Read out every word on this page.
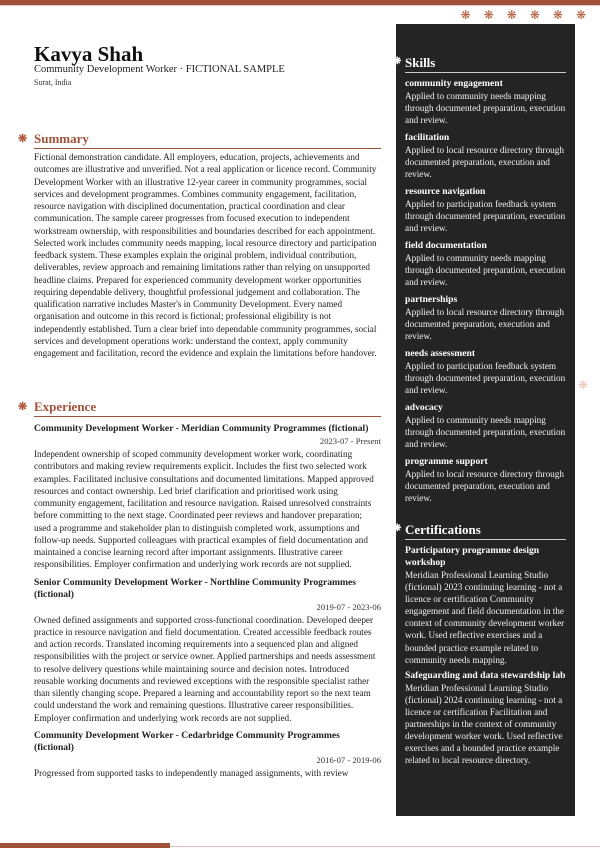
❋ ❋ ❋ ❋ ❋ ❋
❋
Kavya Shah
Community Development Worker · FICTIONAL SAMPLE
Surat, India
❋ Summary
Fictional demonstration candidate. All employers, education, projects, achievements and outcomes are illustrative and unverified. Not a real application or licence record. Community Development Worker with an illustrative 12-year career in community programmes, social services and development programmes. Combines community engagement, facilitation, resource navigation with disciplined documentation, practical coordination and clear communication. The sample career progresses from focused execution to independent workstream ownership, with responsibilities and boundaries described for each appointment. Selected work includes community needs mapping, local resource directory and participation feedback system. These examples explain the original problem, individual contribution, deliverables, review approach and remaining limitations rather than relying on unsupported headline claims. Prepared for experienced community development worker opportunities requiring dependable delivery, thoughtful professional judgement and collaboration. The qualification narrative includes Master's in Community Development. Every named organisation and outcome in this record is fictional; professional eligibility is not independently established. Turn a clear brief into dependable community programmes, social services and development operations work: understand the context, apply community engagement and facilitation, record the evidence and explain the limitations before handover.
❋ Experience
Community Development Worker - Meridian Community Programmes (fictional)
2023-07 - Present
Independent ownership of scoped community development worker work, coordinating contributors and making review requirements explicit. Includes the first two selected work examples. Facilitated inclusive consultations and documented limitations. Mapped approved resources and contact ownership. Led brief clarification and prioritised work using community engagement, facilitation and resource navigation. Raised unresolved constraints before committing to the next stage. Coordinated peer reviews and handover preparation; used a programme and stakeholder plan to distinguish completed work, assumptions and follow-up needs. Supported colleagues with practical examples of field documentation and maintained a concise learning record after important assignments. Illustrative career responsibilities. Employer confirmation and underlying work records are not supplied.
Senior Community Development Worker - Northline Community Programmes (fictional)
2019-07 - 2023-06
Owned defined assignments and supported cross-functional coordination. Developed deeper practice in resource navigation and field documentation. Created accessible feedback routes and action records. Translated incoming requirements into a sequenced plan and aligned responsibilities with the project or service owner. Applied partnerships and needs assessment to resolve delivery questions while maintaining source and decision notes. Introduced reusable working documents and reviewed exceptions with the responsible specialist rather than silently changing scope. Prepared a learning and accountability report so the next team could understand the work and remaining questions. Illustrative career responsibilities. Employer confirmation and underlying work records are not supplied.
Community Development Worker - Cedarbridge Community Programmes (fictional)
2016-07 - 2019-06
Progressed from supported tasks to independently managed assignments, with review
❋ Skills
community engagement
Applied to community needs mapping through documented preparation, execution and review.
facilitation
Applied to local resource directory through documented preparation, execution and review.
resource navigation
Applied to participation feedback system through documented preparation, execution and review.
field documentation
Applied to community needs mapping through documented preparation, execution and review.
partnerships
Applied to local resource directory through documented preparation, execution and review.
needs assessment
Applied to participation feedback system through documented preparation, execution and review.
advocacy
Applied to community needs mapping through documented preparation, execution and review.
programme support
Applied to local resource directory through documented preparation, execution and review.
❋ Certifications
Participatory programme design workshop
Meridian Professional Learning Studio (fictional) 2023 continuing learning - not a licence or certification Community engagement and field documentation in the context of community development worker work. Used reflective exercises and a bounded practice example related to community needs mapping.
Safeguarding and data stewardship lab
Meridian Professional Learning Studio (fictional) 2024 continuing learning - not a licence or certification Facilitation and partnerships in the context of community development worker work. Used reflective exercises and a bounded practice example related to local resource directory.
